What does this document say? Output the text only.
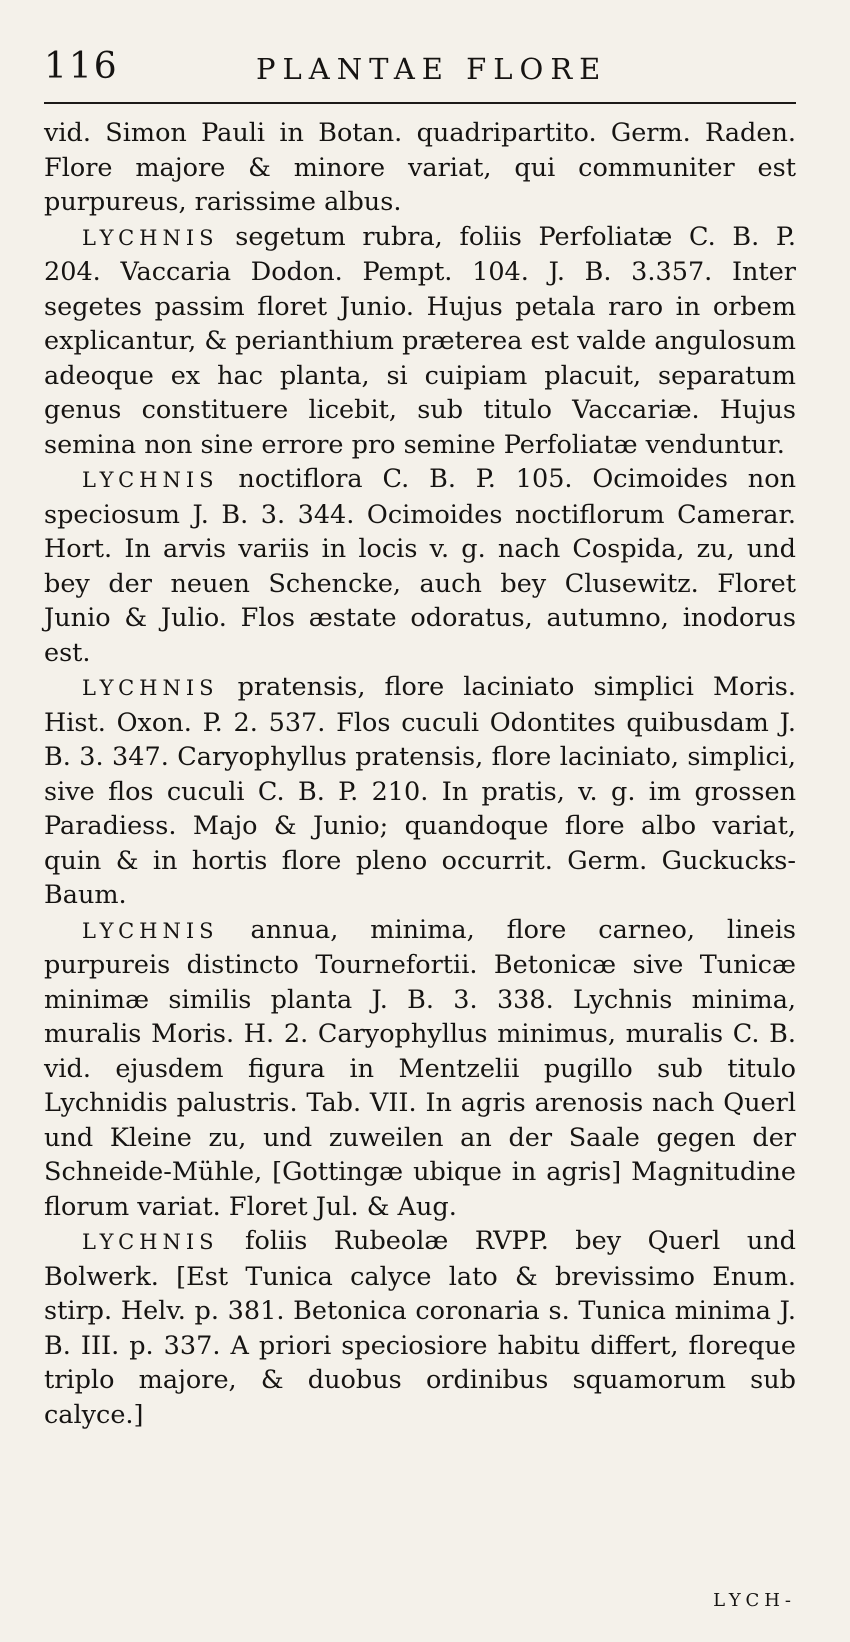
116	PLANTAE FLORE

vid. Simon Pauli in Botan. quadripartito. Germ. Raden. Flore majore & minore variat, qui communiter est purpureus, rarissime albus.

LYCHNIS segetum rubra, foliis Perfoliatæ C. B. P. 204. Vaccaria Dodon. Pempt. 104. J. B. 3.357. Inter segetes passim floret Junio. Hujus petala raro in orbem explicantur, & perianthium præterea est valde angulosum adeoque ex hac planta, si cuipiam placuit, separatum genus constituere licebit, sub titulo Vaccariæ. Hujus semina non sine errore pro semine Perfoliatæ venduntur.

LYCHNIS noctiflora C. B. P. 105. Ocimoides non speciosum J. B. 3. 344. Ocimoides noctiflorum Camerar. Hort. In arvis variis in locis v. g. nach Cospida, zu, und bey der neuen Schencke, auch bey Clusewitz. Floret Junio & Julio. Flos æstate odoratus, autumno, inodorus est.

LYCHNIS pratensis, flore laciniato simplici Moris. Hist. Oxon. P. 2. 537. Flos cuculi Odontites quibusdam J. B. 3. 347. Caryophyllus pratensis, flore laciniato, simplici, sive flos cuculi C. B. P. 210. In pratis, v. g. im grossen Paradiess. Majo & Junio; quandoque flore albo variat, quin & in hortis flore pleno occurrit. Germ. Guckucks-Baum.

LYCHNIS annua, minima, flore carneo, lineis purpureis distincto Tournefortii. Betonicæ sive Tunicæ minimæ similis planta J. B. 3. 338. Lychnis minima, muralis Moris. H. 2. Caryophyllus minimus, muralis C. B. vid. ejusdem figura in Mentzelii pugillo sub titulo Lychnidis palustris. Tab. VII. In agris arenosis nach Querl und Kleine zu, und zuweilen an der Saale gegen der Schneide-Mühle, [Gottingæ ubique in agris] Magnitudine florum variat. Floret Jul. & Aug.

LYCHNIS foliis Rubeolæ RVPP. bey Querl und Bolwerk. [Est Tunica calyce lato & brevissimo Enum. stirp. Helv. p. 381. Betonica coronaria s. Tunica minima J. B. III. p. 337. A priori speciosiore habitu differt, floreque triplo majore, & duobus ordinibus squamorum sub calyce.]

LYCH-
